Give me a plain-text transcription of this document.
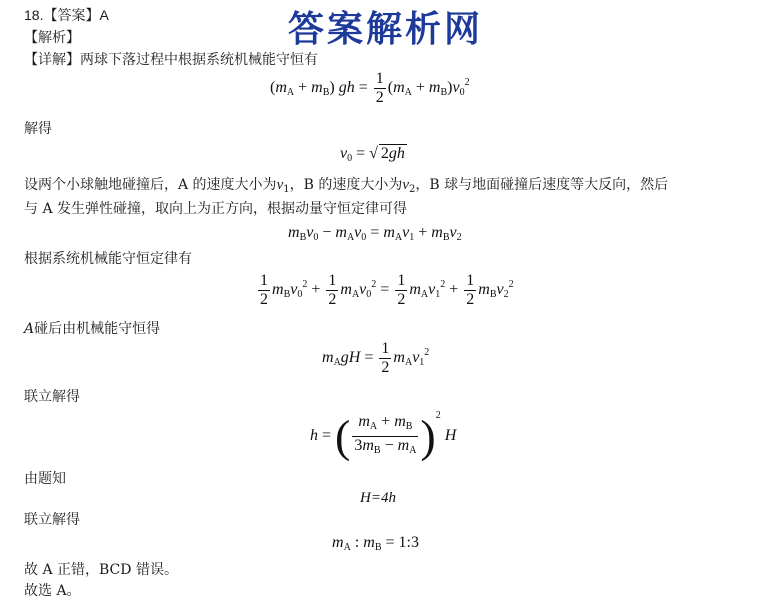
答案解析网
18.【答案】A
【解析】
【详解】两球下落过程中根据系统机械能守恒有
$(m_A + m_B)$ gh = $\frac{1}{2} (m_A + m_B)v_0^2$
解得
$v_0$ = √ 2gh
设两个小球触地碰撞后，A 的速度大小为$v_1$，B 的速度大小为$v_2$，B 球与地面碰撞后速度等大反向，然后
与 A 发生弹性碰撞，取向上为正方向，根据动量守恒定律可得
$m_Bv_0 - m_Av_0 = m_Av_1 + m_Bv_2$
根据系统机械能守恒定律有
$\frac{1}{2} m_Bv_0^2 + \frac{1}{2} m_Av_0^2 = \frac{1}{2} m_Av_1^2 + \frac{1}{2} m_Bv_2^2$
A碰后由机械能守恒得
$m_AgH = \frac{1}{2} m_Av_1^2$
联立解得
h = ( $\frac{m_A + m_B}{3m_B - m_A} )^2$ H
由题知
H=4h
联立解得
$m_A$ : $m_B$ = 1:3
故 A 正错，BCD 错误。
故选 A。
